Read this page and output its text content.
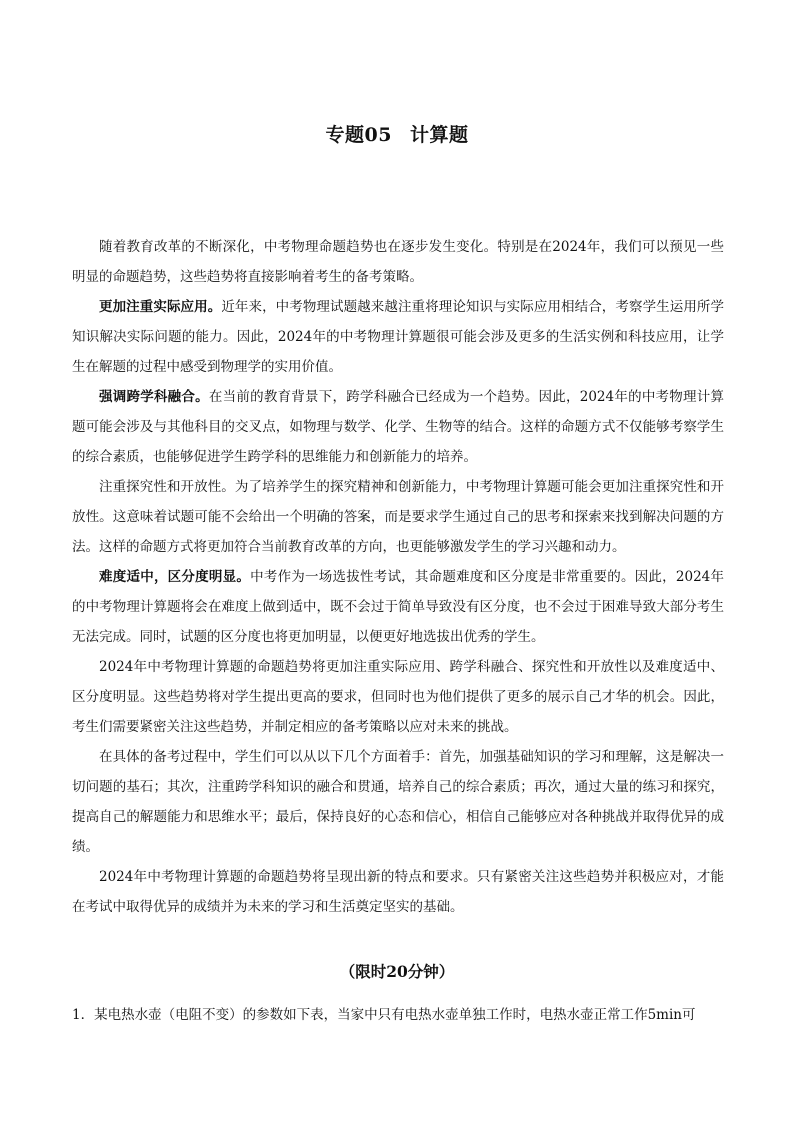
专题05 计算题

随着教育改革的不断深化，中考物理命题趋势也在逐步发生变化。特别是在2024年，我们可以预见一些明显的命题趋势，这些趋势将直接影响着考生的备考策略。

更加注重实际应用。近年来，中考物理试题越来越注重将理论知识与实际应用相结合，考察学生运用所学知识解决实际问题的能力。因此，2024年的中考物理计算题很可能会涉及更多的生活实例和科技应用，让学生在解题的过程中感受到物理学的实用价值。

强调跨学科融合。在当前的教育背景下，跨学科融合已经成为一个趋势。因此，2024年的中考物理计算题可能会涉及与其他科目的交叉点，如物理与数学、化学、生物等的结合。这样的命题方式不仅能够考察学生的综合素质，也能够促进学生跨学科的思维能力和创新能力的培养。

注重探究性和开放性。为了培养学生的探究精神和创新能力，中考物理计算题可能会更加注重探究性和开放性。这意味着试题可能不会给出一个明确的答案，而是要求学生通过自己的思考和探索来找到解决问题的方法。这样的命题方式将更加符合当前教育改革的方向，也更能够激发学生的学习兴趣和动力。

难度适中，区分度明显。中考作为一场选拔性考试，其命题难度和区分度是非常重要的。因此，2024年的中考物理计算题将会在难度上做到适中，既不会过于简单导致没有区分度，也不会过于困难导致大部分考生无法完成。同时，试题的区分度也将更加明显，以便更好地选拔出优秀的学生。

2024年中考物理计算题的命题趋势将更加注重实际应用、跨学科融合、探究性和开放性以及难度适中、区分度明显。这些趋势将对学生提出更高的要求，但同时也为他们提供了更多的展示自己才华的机会。因此，考生们需要紧密关注这些趋势，并制定相应的备考策略以应对未来的挑战。

在具体的备考过程中，学生们可以从以下几个方面着手：首先，加强基础知识的学习和理解，这是解决一切问题的基石；其次，注重跨学科知识的融合和贯通，培养自己的综合素质；再次，通过大量的练习和探究，提高自己的解题能力和思维水平；最后，保持良好的心态和信心，相信自己能够应对各种挑战并取得优异的成绩。

2024年中考物理计算题的命题趋势将呈现出新的特点和要求。只有紧密关注这些趋势并积极应对，才能在考试中取得优异的成绩并为未来的学习和生活奠定坚实的基础。

（限时20分钟）
1．某电热水壶（电阻不变）的参数如下表，当家中只有电热水壶单独工作时，电热水壶正常工作5min可
